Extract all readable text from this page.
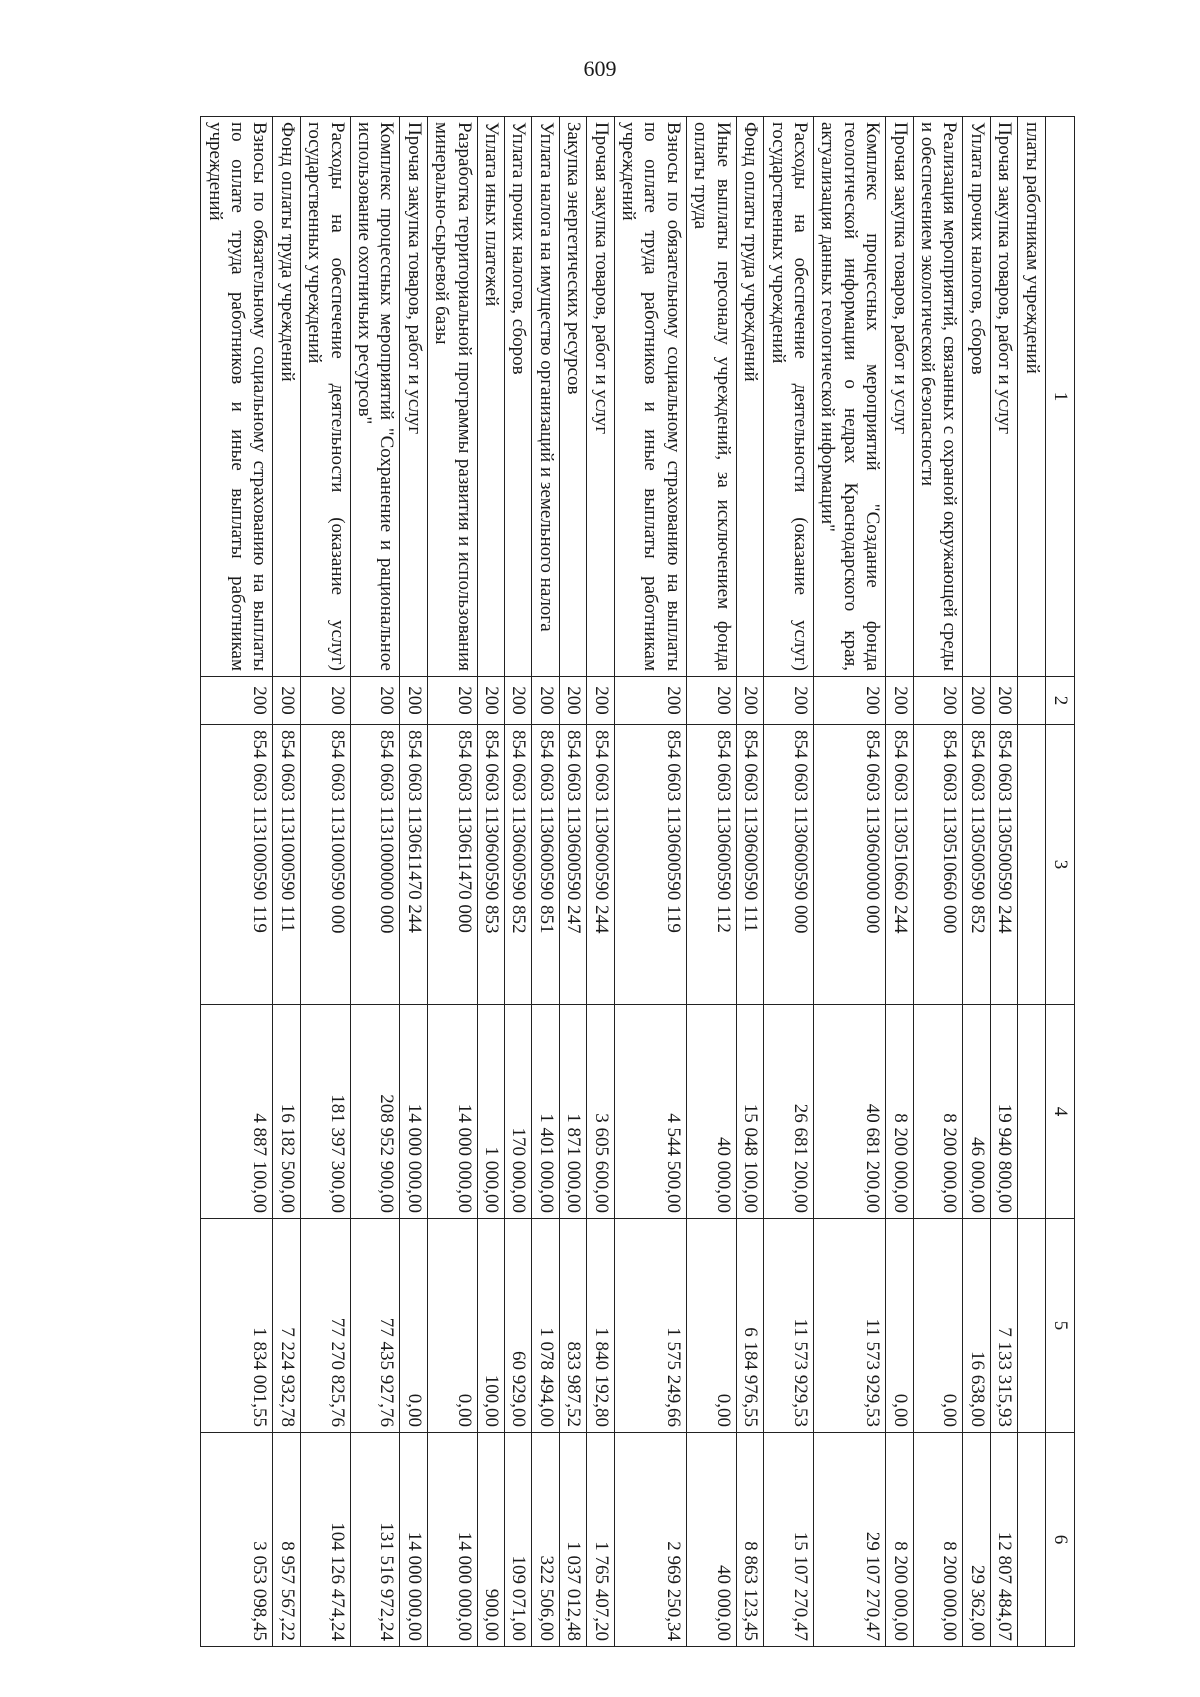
609
1	2	3	4	5	6
платы работникам учреждений					
Прочая закупка товаров, работ и услуг	200	854 0603 1130500590 244	19 940 800,00	7 133 315,93	12 807 484,07
Уплата прочих налогов, сборов	200	854 0603 1130500590 852	46 000,00	16 638,00	29 362,00
Реализация мероприятий, связанных с охраной окружающей среды и обеспечением экологической безопасности	200	854 0603 1130510660 000	8 200 000,00	0,00	8 200 000,00
Прочая закупка товаров, работ и услуг	200	854 0603 1130510660 244	8 200 000,00	0,00	8 200 000,00
Комплекс процессных мероприятий "Создание фонда геологической информации о недрах Краснодарского края, актуализация данных геологической информации"	200	854 0603 1130600000 000	40 681 200,00	11 573 929,53	29 107 270,47
Расходы на обеспечение деятельности (оказание услуг) государственных учреждений	200	854 0603 1130600590 000	26 681 200,00	11 573 929,53	15 107 270,47
Фонд оплаты труда учреждений	200	854 0603 1130600590 111	15 048 100,00	6 184 976,55	8 863 123,45
Иные выплаты персоналу учреждений, за исключением фонда оплаты труда	200	854 0603 1130600590 112	40 000,00	0,00	40 000,00
Взносы по обязательному социальному страхованию на выплаты по оплате труда работников и иные выплаты работникам учреждений	200	854 0603 1130600590 119	4 544 500,00	1 575 249,66	2 969 250,34
Прочая закупка товаров, работ и услуг	200	854 0603 1130600590 244	3 605 600,00	1 840 192,80	1 765 407,20
Закупка энергетических ресурсов	200	854 0603 1130600590 247	1 871 000,00	833 987,52	1 037 012,48
Уплата налога на имущество организаций и земельного налога	200	854 0603 1130600590 851	1 401 000,00	1 078 494,00	322 506,00
Уплата прочих налогов, сборов	200	854 0603 1130600590 852	170 000,00	60 929,00	109 071,00
Уплата иных платежей	200	854 0603 1130600590 853	1 000,00	100,00	900,00
Разработка территориальной программы развития и использования минерально-сырьевой базы	200	854 0603 1130611470 000	14 000 000,00	0,00	14 000 000,00
Прочая закупка товаров, работ и услуг	200	854 0603 1130611470 244	14 000 000,00	0,00	14 000 000,00
Комплекс процессных мероприятий "Сохранение и рациональное использование охотничьих ресурсов"	200	854 0603 1131000000 000	208 952 900,00	77 435 927,76	131 516 972,24
Расходы на обеспечение деятельности (оказание услуг) государственных учреждений	200	854 0603 1131000590 000	181 397 300,00	77 270 825,76	104 126 474,24
Фонд оплаты труда учреждений	200	854 0603 1131000590 111	16 182 500,00	7 224 932,78	8 957 567,22
Взносы по обязательному социальному страхованию на выплаты по оплате труда работников и иные выплаты работникам учреждений	200	854 0603 1131000590 119	4 887 100,00	1 834 001,55	3 053 098,45
